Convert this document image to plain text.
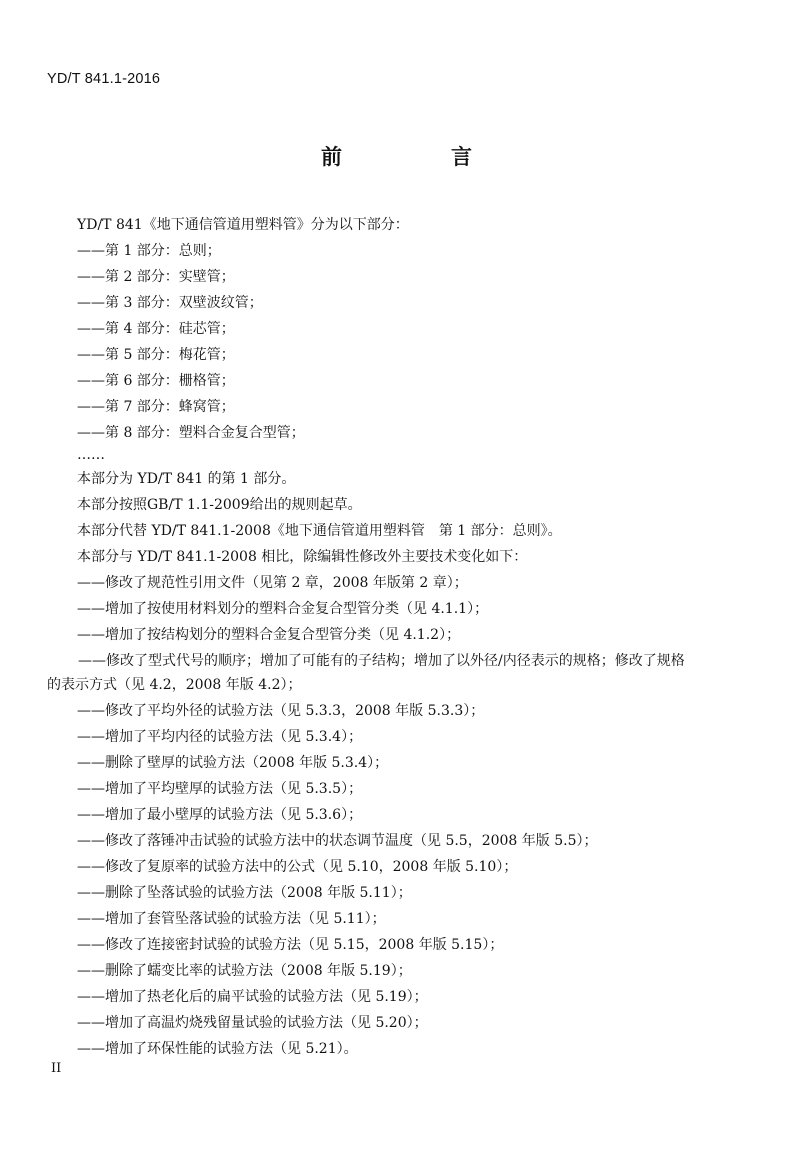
YD/T 841.1-2016
前　言
YD/T 841《地下通信管道用塑料管》分为以下部分：
——第 1 部分：总则；
——第 2 部分：实壁管；
——第 3 部分：双壁波纹管；
——第 4 部分：硅芯管；
——第 5 部分：梅花管；
——第 6 部分：栅格管；
——第 7 部分：蜂窝管；
——第 8 部分：塑料合金复合型管；
……
本部分为 YD/T 841 的第 1 部分。
本部分按照GB/T 1.1-2009给出的规则起草。
本部分代替 YD/T 841.1-2008《地下通信管道用塑料管　第 1 部分：总则》。
本部分与 YD/T 841.1-2008 相比，除编辑性修改外主要技术变化如下：
——修改了规范性引用文件（见第 2 章，2008 年版第 2 章）；
——增加了按使用材料划分的塑料合金复合型管分类（见 4.1.1）；
——增加了按结构划分的塑料合金复合型管分类（见 4.1.2）；
——修改了型式代号的顺序；增加了可能有的子结构；增加了以外径/内径表示的规格；修改了规格
的表示方式（见 4.2，2008 年版 4.2）；
——修改了平均外径的试验方法（见 5.3.3，2008 年版 5.3.3）；
——增加了平均内径的试验方法（见 5.3.4）；
——删除了壁厚的试验方法（2008 年版 5.3.4）；
——增加了平均壁厚的试验方法（见 5.3.5）；
——增加了最小壁厚的试验方法（见 5.3.6）；
——修改了落锤冲击试验的试验方法中的状态调节温度（见 5.5，2008 年版 5.5）；
——修改了复原率的试验方法中的公式（见 5.10，2008 年版 5.10）；
——删除了坠落试验的试验方法（2008 年版 5.11）；
——增加了套管坠落试验的试验方法（见 5.11）；
——修改了连接密封试验的试验方法（见 5.15，2008 年版 5.15）；
——删除了蠕变比率的试验方法（2008 年版 5.19）；
——增加了热老化后的扁平试验的试验方法（见 5.19）；
——增加了高温灼烧残留量试验的试验方法（见 5.20）；
——增加了环保性能的试验方法（见 5.21）。
II
